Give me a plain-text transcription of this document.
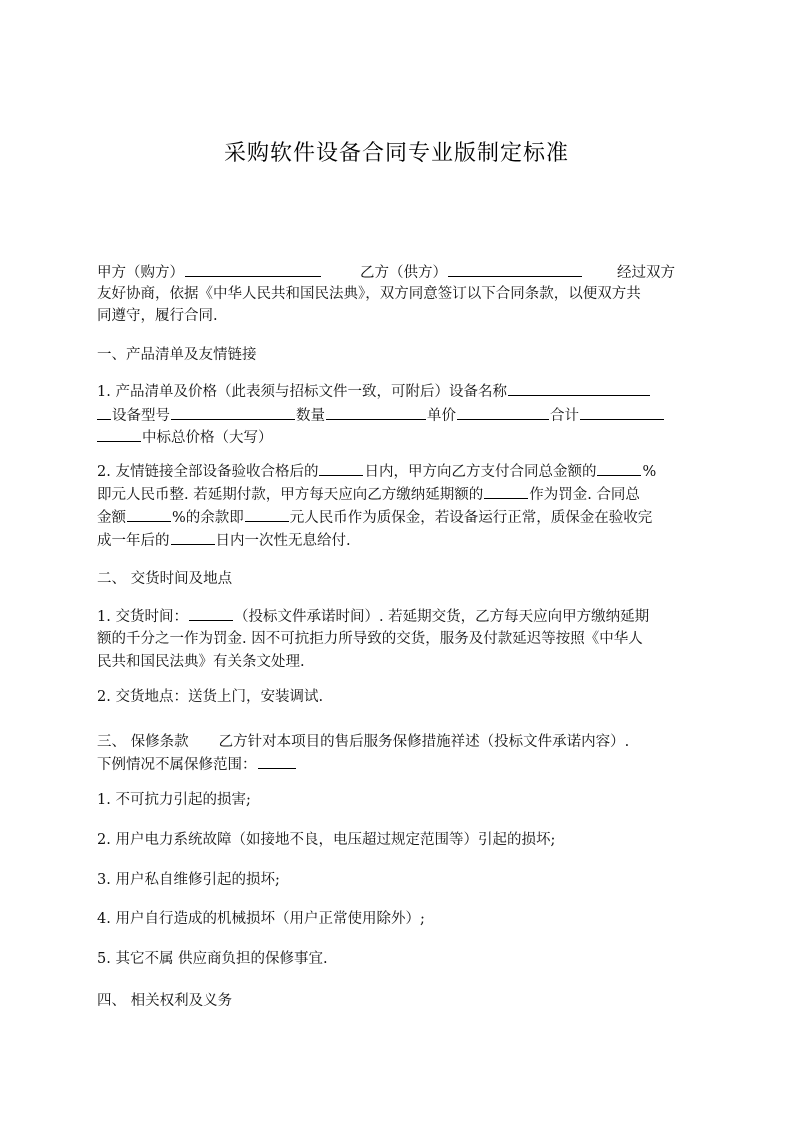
采购软件设备合同专业版制定标准
甲方（购方）	乙方（供方）	经过双方
友好协商，依据《中华人民共和国民法典》，双方同意签订以下合同条款，以便双方共
同遵守，履行合同.
一、产品清单及友情链接
1. 产品清单及价格（此表须与招标文件一致，可附后）设备名称
设备型号	数量	单价	合计
中标总价格（大写）
2. 友情链接全部设备验收合格后的	日内，甲方向乙方支付合同总金额的	%
即元人民币整. 若延期付款，甲方每天应向乙方缴纳延期额的	作为罚金. 合同总
金额	%的余款即	元人民币作为质保金，若设备运行正常，质保金在验收完
成一年后的	日内一次性无息给付.
二、 交货时间及地点
1. 交货时间：	（投标文件承诺时间）. 若延期交货，乙方每天应向甲方缴纳延期
额的千分之一作为罚金. 因不可抗拒力所导致的交货，服务及付款延迟等按照《中华人
民共和国民法典》有关条文处理.
2. 交货地点：送货上门，安装调试.
三、 保修条款 乙方针对本项目的售后服务保修措施祥述（投标文件承诺内容）.
下例情况不属保修范围：
1. 不可抗力引起的损害;
2. 用户电力系统故障（如接地不良，电压超过规定范围等）引起的损坏;
3. 用户私自维修引起的损坏;
4. 用户自行造成的机械损坏（用户正常使用除外）;
5. 其它不属 供应商负担的保修事宜.
四、 相关权利及义务
